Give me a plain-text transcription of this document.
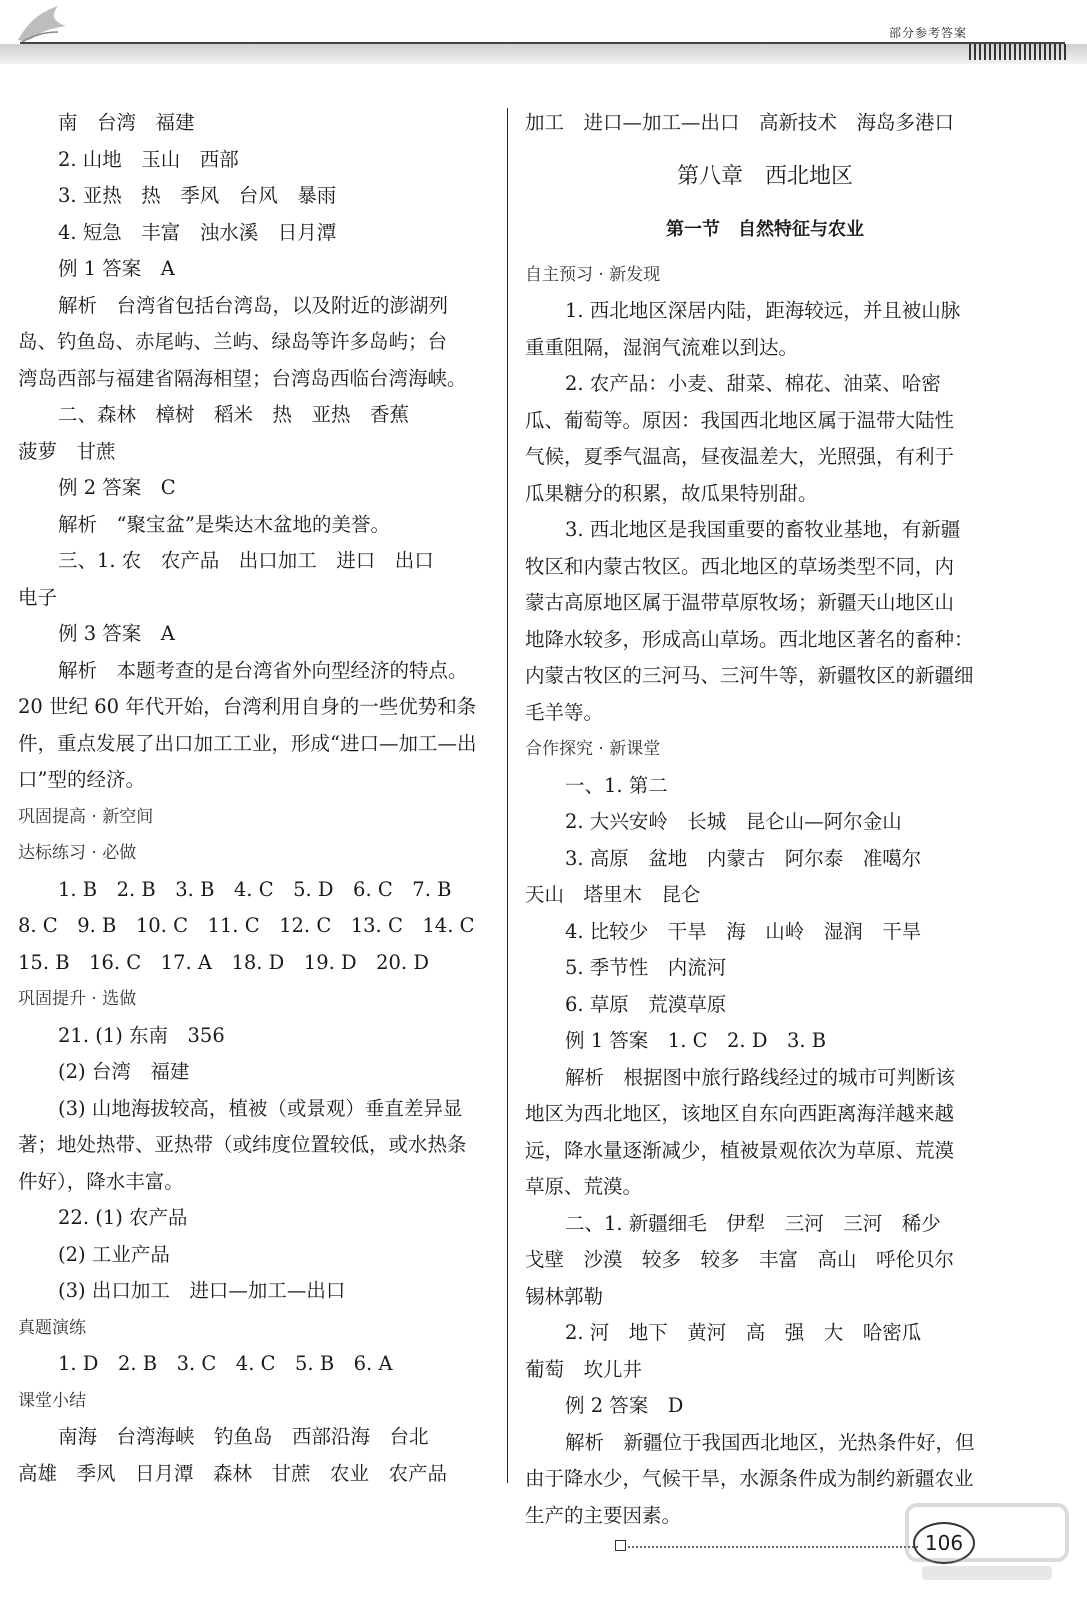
部分参考答案
南　台湾　福建
2. 山地　玉山　西部
3. 亚热　热　季风　台风　暴雨
4. 短急　丰富　浊水溪　日月潭
例 1 答案　A
解析　台湾省包括台湾岛，以及附近的澎湖列
岛、钓鱼岛、赤尾屿、兰屿、绿岛等许多岛屿；台
湾岛西部与福建省隔海相望；台湾岛西临台湾海峡。
二、森林　樟树　稻米　热　亚热　香蕉
菠萝　甘蔗
例 2 答案　C
解析　“聚宝盆”是柴达木盆地的美誉。
三、1. 农　农产品　出口加工　进口　出口
电子
例 3 答案　A
解析　本题考查的是台湾省外向型经济的特点。
20 世纪 60 年代开始，台湾利用自身的一些优势和条
件，重点发展了出口加工工业，形成“进口—加工—出
口”型的经济。
巩固提高 · 新空间
达标练习 · 必做
1. B　2. B　3. B　4. C　5. D　6. C　7. B
8. C　9. B　10. C　11. C　12. C　13. C　14. C
15. B　16. C　17. A　18. D　19. D　20. D
巩固提升 · 选做
21. (1) 东南　356
(2) 台湾　福建
(3) 山地海拔较高，植被（或景观）垂直差异显
著；地处热带、亚热带（或纬度位置较低，或水热条
件好），降水丰富。
22. (1) 农产品
(2) 工业产品
(3) 出口加工　进口—加工—出口
真题演练
1. D　2. B　3. C　4. C　5. B　6. A
课堂小结
南海　台湾海峡　钓鱼岛　西部沿海　台北
高雄　季风　日月潭　森林　甘蔗　农业　农产品
加工　进口—加工—出口　高新技术　海岛多港口
第八章　西北地区
第一节　自然特征与农业
自主预习 · 新发现
1. 西北地区深居内陆，距海较远，并且被山脉
重重阻隔，湿润气流难以到达。
2. 农产品：小麦、甜菜、棉花、油菜、哈密
瓜、葡萄等。原因：我国西北地区属于温带大陆性
气候，夏季气温高，昼夜温差大，光照强，有利于
瓜果糖分的积累，故瓜果特别甜。
3. 西北地区是我国重要的畜牧业基地，有新疆
牧区和内蒙古牧区。西北地区的草场类型不同，内
蒙古高原地区属于温带草原牧场；新疆天山地区山
地降水较多，形成高山草场。西北地区著名的畜种：
内蒙古牧区的三河马、三河牛等，新疆牧区的新疆细
毛羊等。
合作探究 · 新课堂
一、1. 第二
2. 大兴安岭　长城　昆仑山—阿尔金山
3. 高原　盆地　内蒙古　阿尔泰　准噶尔
天山　塔里木　昆仑
4. 比较少　干旱　海　山岭　湿润　干旱
5. 季节性　内流河
6. 草原　荒漠草原
例 1 答案　1. C　2. D　3. B
解析　根据图中旅行路线经过的城市可判断该
地区为西北地区，该地区自东向西距离海洋越来越
远，降水量逐渐减少，植被景观依次为草原、荒漠
草原、荒漠。
二、1. 新疆细毛　伊犁　三河　三河　稀少
戈壁　沙漠　较多　较多　丰富　高山　呼伦贝尔
锡林郭勒
2. 河　地下　黄河　高　强　大　哈密瓜
葡萄　坎儿井
例 2 答案　D
解析　新疆位于我国西北地区，光热条件好，但
由于降水少，气候干旱，水源条件成为制约新疆农业
生产的主要因素。
106
